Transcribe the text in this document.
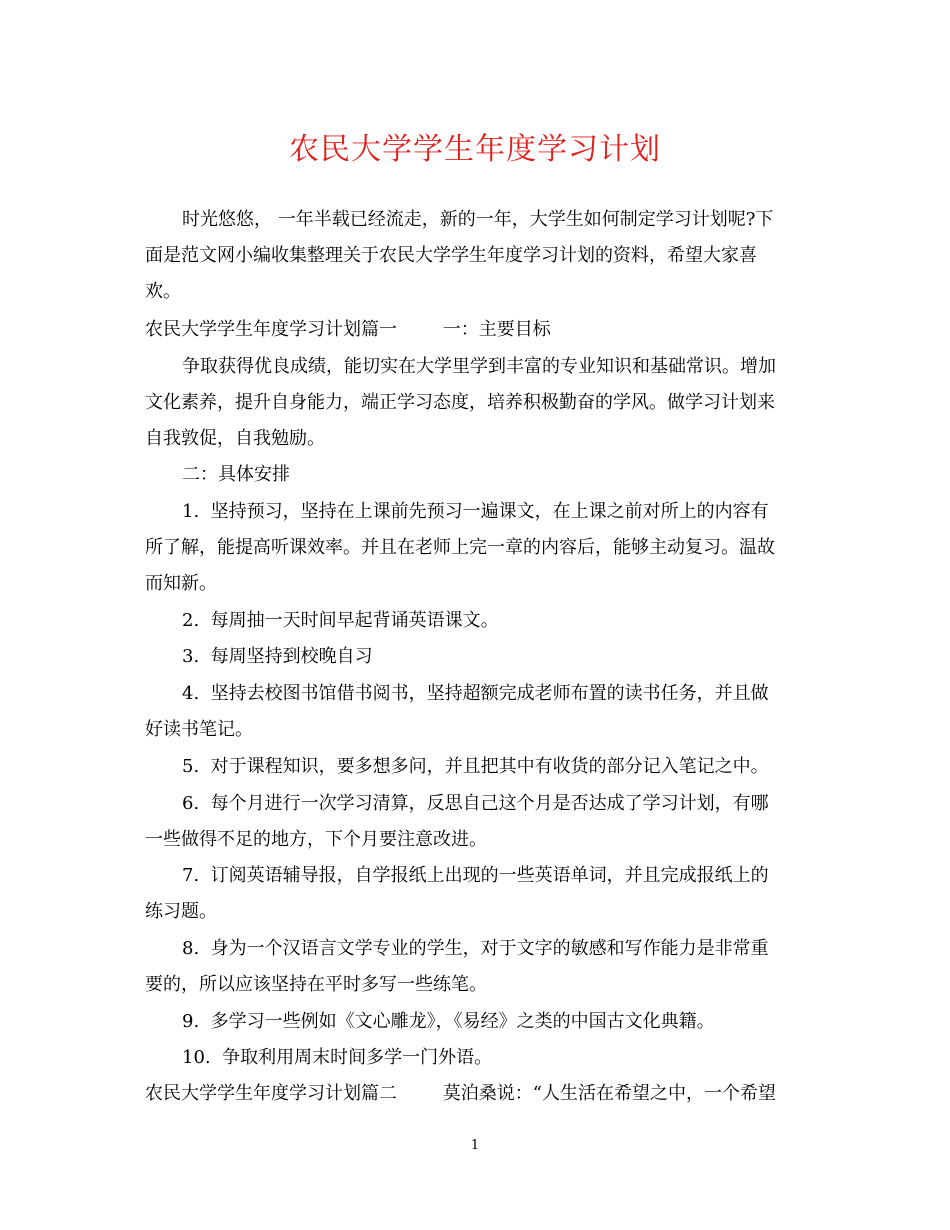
农民大学学生年度学习计划
时光悠悠， 一年半载已经流走，新的一年，大学生如何制定学习计划呢?下
面是范文网小编收集整理关于农民大学学生年度学习计划的资料，希望大家喜
欢。
农民大学学生年度学习计划篇一        一：主要目标
争取获得优良成绩，能切实在大学里学到丰富的专业知识和基础常识。增加
文化素养，提升自身能力，端正学习态度，培养积极勤奋的学风。做学习计划来
自我敦促，自我勉励。
二：具体安排
1.  坚持预习，坚持在上课前先预习一遍课文，在上课之前对所上的内容有
所了解，能提高听课效率。并且在老师上完一章的内容后，能够主动复习。温故
而知新。
2.  每周抽一天时间早起背诵英语课文。
3.  每周坚持到校晚自习
4.  坚持去校图书馆借书阅书，坚持超额完成老师布置的读书任务，并且做
好读书笔记。
5.  对于课程知识，要多想多问，并且把其中有收货的部分记入笔记之中。
6.  每个月进行一次学习清算，反思自己这个月是否达成了学习计划，有哪
一些做得不足的地方，下个月要注意改进。
7.  订阅英语辅导报，自学报纸上出现的一些英语单词，并且完成报纸上的
练习题。
8.  身为一个汉语言文学专业的学生，对于文字的敏感和写作能力是非常重
要的，所以应该坚持在平时多写一些练笔。
9.  多学习一些例如《文心雕龙》，《易经》之类的中国古文化典籍。
10.  争取利用周末时间多学一门外语。
农民大学学生年度学习计划篇二        莫泊桑说：“人生活在希望之中，一个希望
1
